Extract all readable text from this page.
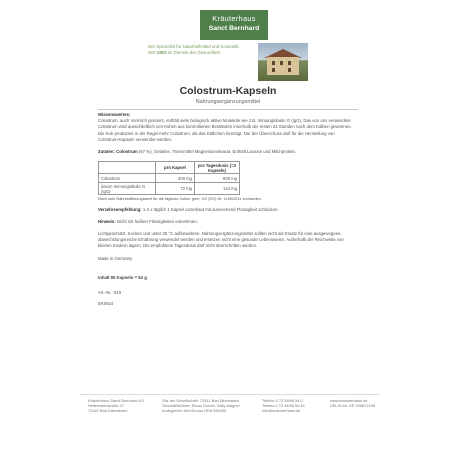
Kräuterhaus
Sanct Bernhard
Der Spezialist für Naturheilmittel und Kosmetik.
Seit 1903 im Dienste der Gesundheit.
Colostrum-Kapseln
Nahrungsergänzungsmittel
Wissenswertes:
Colostrum, auch Vormilch genannt, enthält viele biologisch aktive Moleküle wie z.B. Immunglobulin G (IgG). Das von uns verwendete Colostrum wird ausschließlich von Kühen aus kontrollierten Beständen innerhalb der ersten 24 Stunden nach dem Kalben gewonnen. Die Kuh produziert in der Regel mehr Colostrum, als das Kälbchen benötigt. Nur der Überschuss darf für die Herstellung von Colostrum-Kapseln verwendet werden.
Zutaten: Colostrum (67 %), Gelatine, Trennmittel Magnesiumstearat. Enthält Lactose und Milchprotein.
	pro Kapsel	pro Tagesdosis (=3 Kapseln)
Colostrum	400 mg	800 mg
davon Immunglobulin G (IgG)	72 mg	144 mg
Noch kein Nährstoffbezugswert für die tägliche Zufuhr gem. VO (EG) Nr. 1169/2011 vorhanden.
Verzehrsempfehlung: 1-2 x täglich 1 Kapsel unzerkaut mit ausreichend Flüssigkeit schlucken.
Hinweis: Nicht mit heißen Flüssigkeiten einnehmen.
Lichtgeschützt, trocken und unter 25 °C aufbewahren. Nahrungsergänzungsmittel sollten nicht als Ersatz für eine ausgewogene, abwechslungsreiche Ernährung verwendet werden und ersetzen nicht eine gesunde Lebensweise. Außerhalb der Reichweite von kleinen Kindern lagern. Die empfohlene Tagesdosis darf nicht überschritten werden.
Made in Germany
Inhalt 90 Kapseln = 52 g
Art.-Nr.: 819
EK0624
Kräuterhaus Sanct Bernhard KG
Helfensteinstraße 47
73342 Bad Ditzenbach
Sitz der Gesellschaft: 73342 Bad Ditzenbach
Geschäftsführer: Elmar Schulz, Sally Wagner
Amtsgericht Ulm/Donau HRA 540495
Telefon 0 73 34/96 54 0
Telefax 0 73 34/96 54 44
info@kraeuterhaus.de
www.kraeuterhaus.de
USt-ID-Nr. DE 205872188
